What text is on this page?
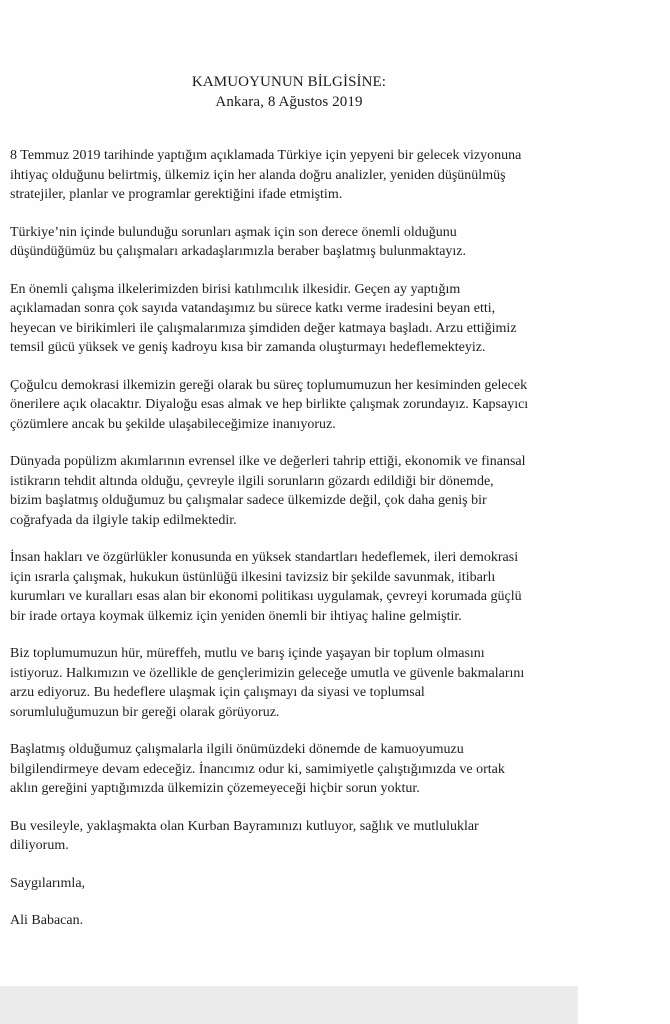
KAMUOYUNUN BİLGİSİNE:
Ankara, 8 Ağustos 2019

8 Temmuz 2019 tarihinde yaptığım açıklamada Türkiye için yepyeni bir gelecek vizyonuna
ihtiyaç olduğunu belirtmiş, ülkemiz için her alanda doğru analizler, yeniden düşünülmüş
stratejiler, planlar ve programlar gerektiğini ifade etmiştim.

Türkiye’nin içinde bulunduğu sorunları aşmak için son derece önemli olduğunu
düşündüğümüz bu çalışmaları arkadaşlarımızla beraber başlatmış bulunmaktayız.

En önemli çalışma ilkelerimizden birisi katılımcılık ilkesidir. Geçen ay yaptığım
açıklamadan sonra çok sayıda vatandaşımız bu sürece katkı verme iradesini beyan etti,
heyecan ve birikimleri ile çalışmalarımıza şimdiden değer katmaya başladı. Arzu ettiğimiz
temsil gücü yüksek ve geniş kadroyu kısa bir zamanda oluşturmayı hedeflemekteyiz.

Çoğulcu demokrasi ilkemizin gereği olarak bu süreç toplumumuzun her kesiminden gelecek
önerilere açık olacaktır. Diyaloğu esas almak ve hep birlikte çalışmak zorundayız. Kapsayıcı
çözümlere ancak bu şekilde ulaşabileceğimize inanıyoruz.

Dünyada popülizm akımlarının evrensel ilke ve değerleri tahrip ettiği, ekonomik ve finansal
istikrarın tehdit altında olduğu, çevreyle ilgili sorunların gözardı edildiği bir dönemde,
bizim başlatmış olduğumuz bu çalışmalar sadece ülkemizde değil, çok daha geniş bir
coğrafyada da ilgiyle takip edilmektedir.

İnsan hakları ve özgürlükler konusunda en yüksek standartları hedeflemek, ileri demokrasi
için ısrarla çalışmak, hukukun üstünlüğü ilkesini tavizsiz bir şekilde savunmak, itibarlı
kurumları ve kuralları esas alan bir ekonomi politikası uygulamak, çevreyi korumada güçlü
bir irade ortaya koymak ülkemiz için yeniden önemli bir ihtiyaç haline gelmiştir.

Biz toplumumuzun hür, müreffeh, mutlu ve barış içinde yaşayan bir toplum olmasını
istiyoruz. Halkımızın ve özellikle de gençlerimizin geleceğe umutla ve güvenle bakmalarını
arzu ediyoruz. Bu hedeflere ulaşmak için çalışmayı da siyasi ve toplumsal
sorumluluğumuzun bir gereği olarak görüyoruz.

Başlatmış olduğumuz çalışmalarla ilgili önümüzdeki dönemde de kamuoyumuzu
bilgilendirmeye devam edeceğiz. İnancımız odur ki, samimiyetle çalıştığımızda ve ortak
aklın gereğini yaptığımızda ülkemizin çözemeyeceği hiçbir sorun yoktur.

Bu vesileyle, yaklaşmakta olan Kurban Bayramınızı kutluyor, sağlık ve mutluluklar
diliyorum.

Saygılarımla,

Ali Babacan.
